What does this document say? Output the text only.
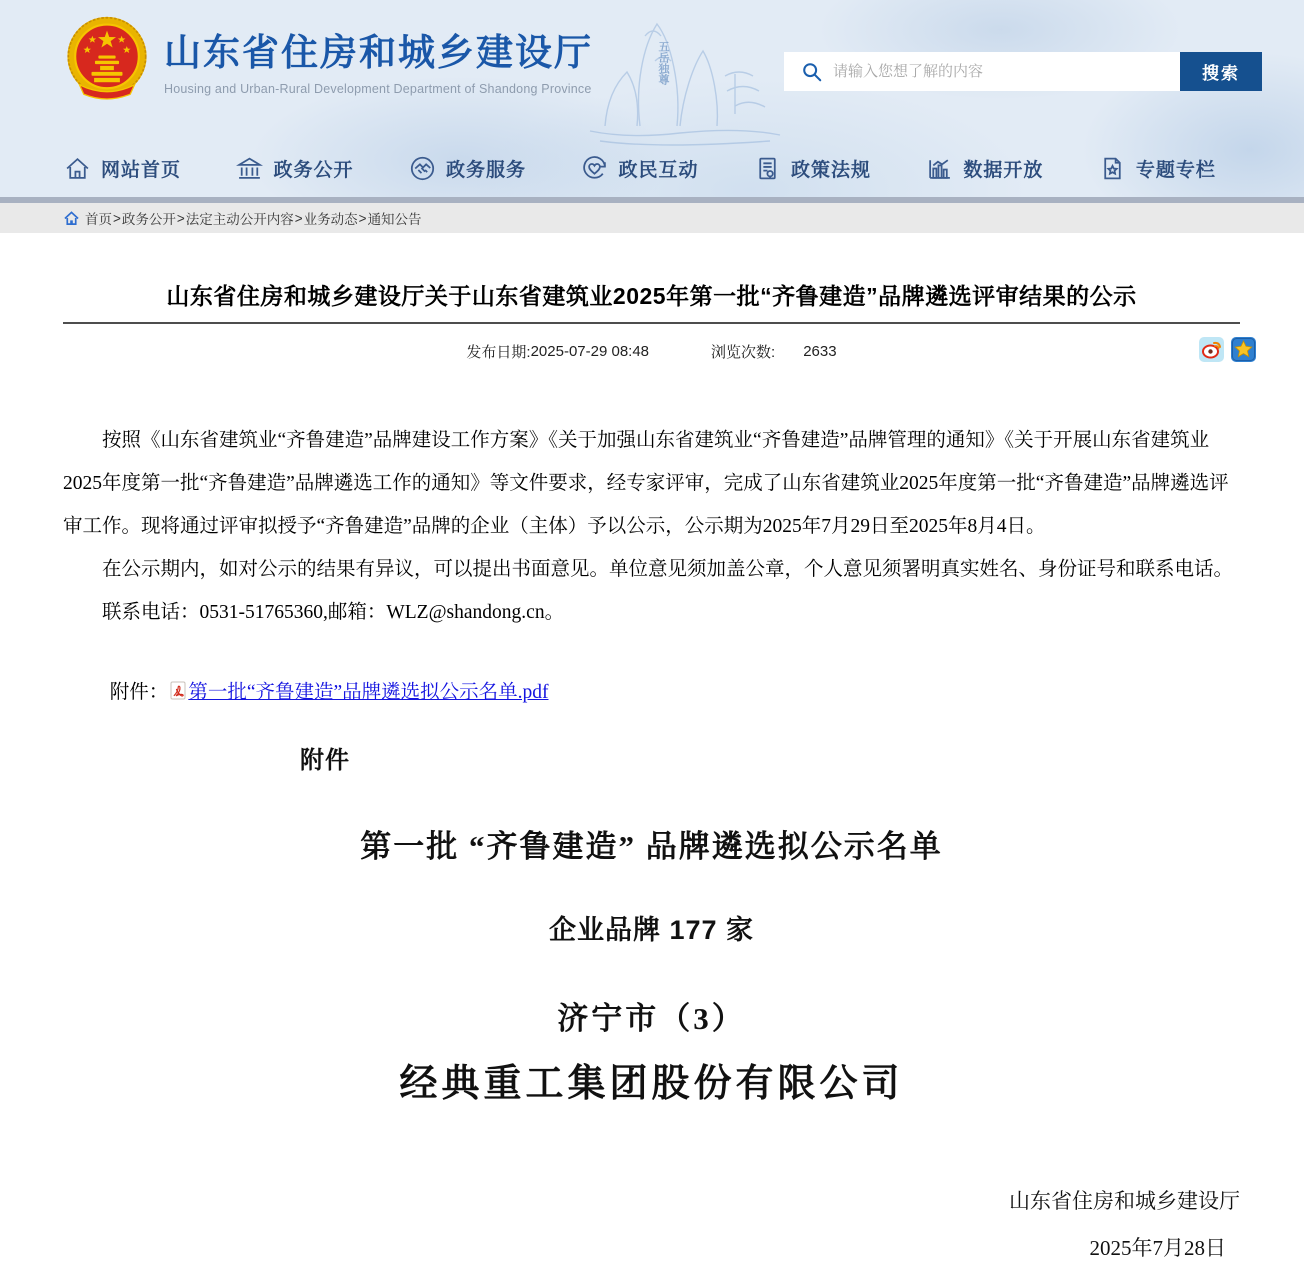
五岳独尊
山东省住房和城乡建设厅
Housing and Urban-Rural Development Department of Shandong Province
请输入您想了解的内容
搜索
网站首页	政务公开	政务服务	政民互动	政策法规	数据开放	专题专栏
首页 > 政务公开 > 法定主动公开内容 > 业务动态 > 通知公告
山东省住房和城乡建设厅关于山东省建筑业2025年第一批“齐鲁建造”品牌遴选评审结果的公示
发布日期: 2025-07-29 08:48	浏览次数: 2633

按照《山东省建筑业“齐鲁建造”品牌建设工作方案》《关于加强山东省建筑业“齐鲁建造”品牌管理的通知》《关于开展山东省建筑业2025年度第一批“齐鲁建造”品牌遴选工作的通知》等文件要求，经专家评审，完成了山东省建筑业2025年度第一批“齐鲁建造”品牌遴选评审工作。现将通过评审拟授予“齐鲁建造”品牌的企业（主体）予以公示，公示期为2025年7月29日至2025年8月4日。

在公示期内，如对公示的结果有异议，可以提出书面意见。单位意见须加盖公章，个人意见须署明真实姓名、身份证号和联系电话。

联系电话：0531-51765360,邮箱：WLZ@shandong.cn。

附件： 第一批“齐鲁建造”品牌遴选拟公示名单.pdf
附件
第一批 “齐鲁建造” 品牌遴选拟公示名单
企业品牌 177 家
济宁市（3）
经典重工集团股份有限公司
山东省住房和城乡建设厅
2025年7月28日
